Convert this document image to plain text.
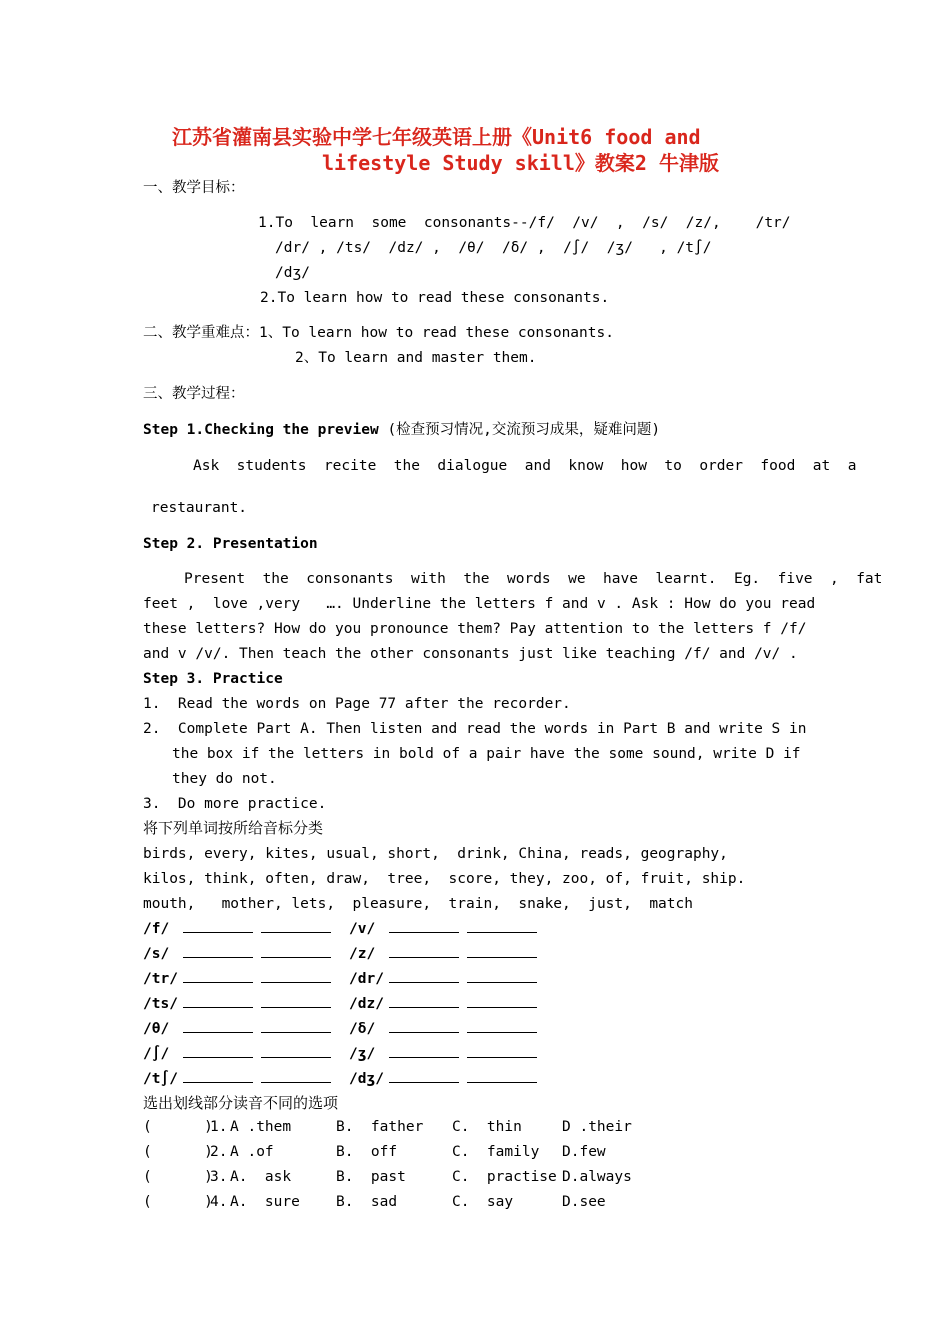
江苏省灌南县实验中学七年级英语上册《Unit6 food and
lifestyle Study skill》教案2 牛津版
一、教学目标：
1.To  learn  some  consonants--/f/  /v/  ,  /s/  /z/,    /tr/
/dr/ , /ts/  /dz/ ,  /θ/  /δ/ ,  /∫/  /ʒ/   , /t∫/
/dʒ/
2.To learn how to read these consonants.
二、教学重难点：1、To learn how to read these consonants.
2、To learn and master them.
三、教学过程：
Step 1.Checking the preview (检查预习情况,交流预习成果，疑难问题)
Ask  students  recite  the  dialogue  and  know  how  to  order  food  at  a
restaurant.
Step 2. Presentation
Present  the  consonants  with  the  words  we  have  learnt.  Eg.  five  ,  fat
feet ,  love ,very   …. Underline the letters f and v . Ask : How do you read
these letters? How do you pronounce them? Pay attention to the letters f /f/
and v /v/. Then teach the other consonants just like teaching /f/ and /v/ .
Step 3. Practice
1.  Read the words on Page 77 after the recorder.
2.  Complete Part A. Then listen and read the words in Part B and write S in
the box if the letters in bold of a pair have the some sound, write D if
they do not.
3.  Do more practice.
将下列单词按所给音标分类
birds, every, kites, usual, short,  drink, China, reads, geography,
kilos, think, often, draw,  tree,  score, they, zoo, of, fruit, ship.
mouth,   mother, lets,  pleasure,  train,  snake,  just,  match
/f/	/v/
/s/	/z/
/tr/	/dr/
/ts/	/dz/
/θ/	/δ/
/∫/	/ʒ/
/t∫/	/dʒ/
选出划线部分读音不同的选项
(      )
1. A .them	B.  father C.  thin	D .their
(      )
2. A .of	B.  off	C.  family D.few
(      )
3. A.  ask	B.  past	C.  practise D.always
(      )
4. A.  sure B.  sad	C.  say	D.see
